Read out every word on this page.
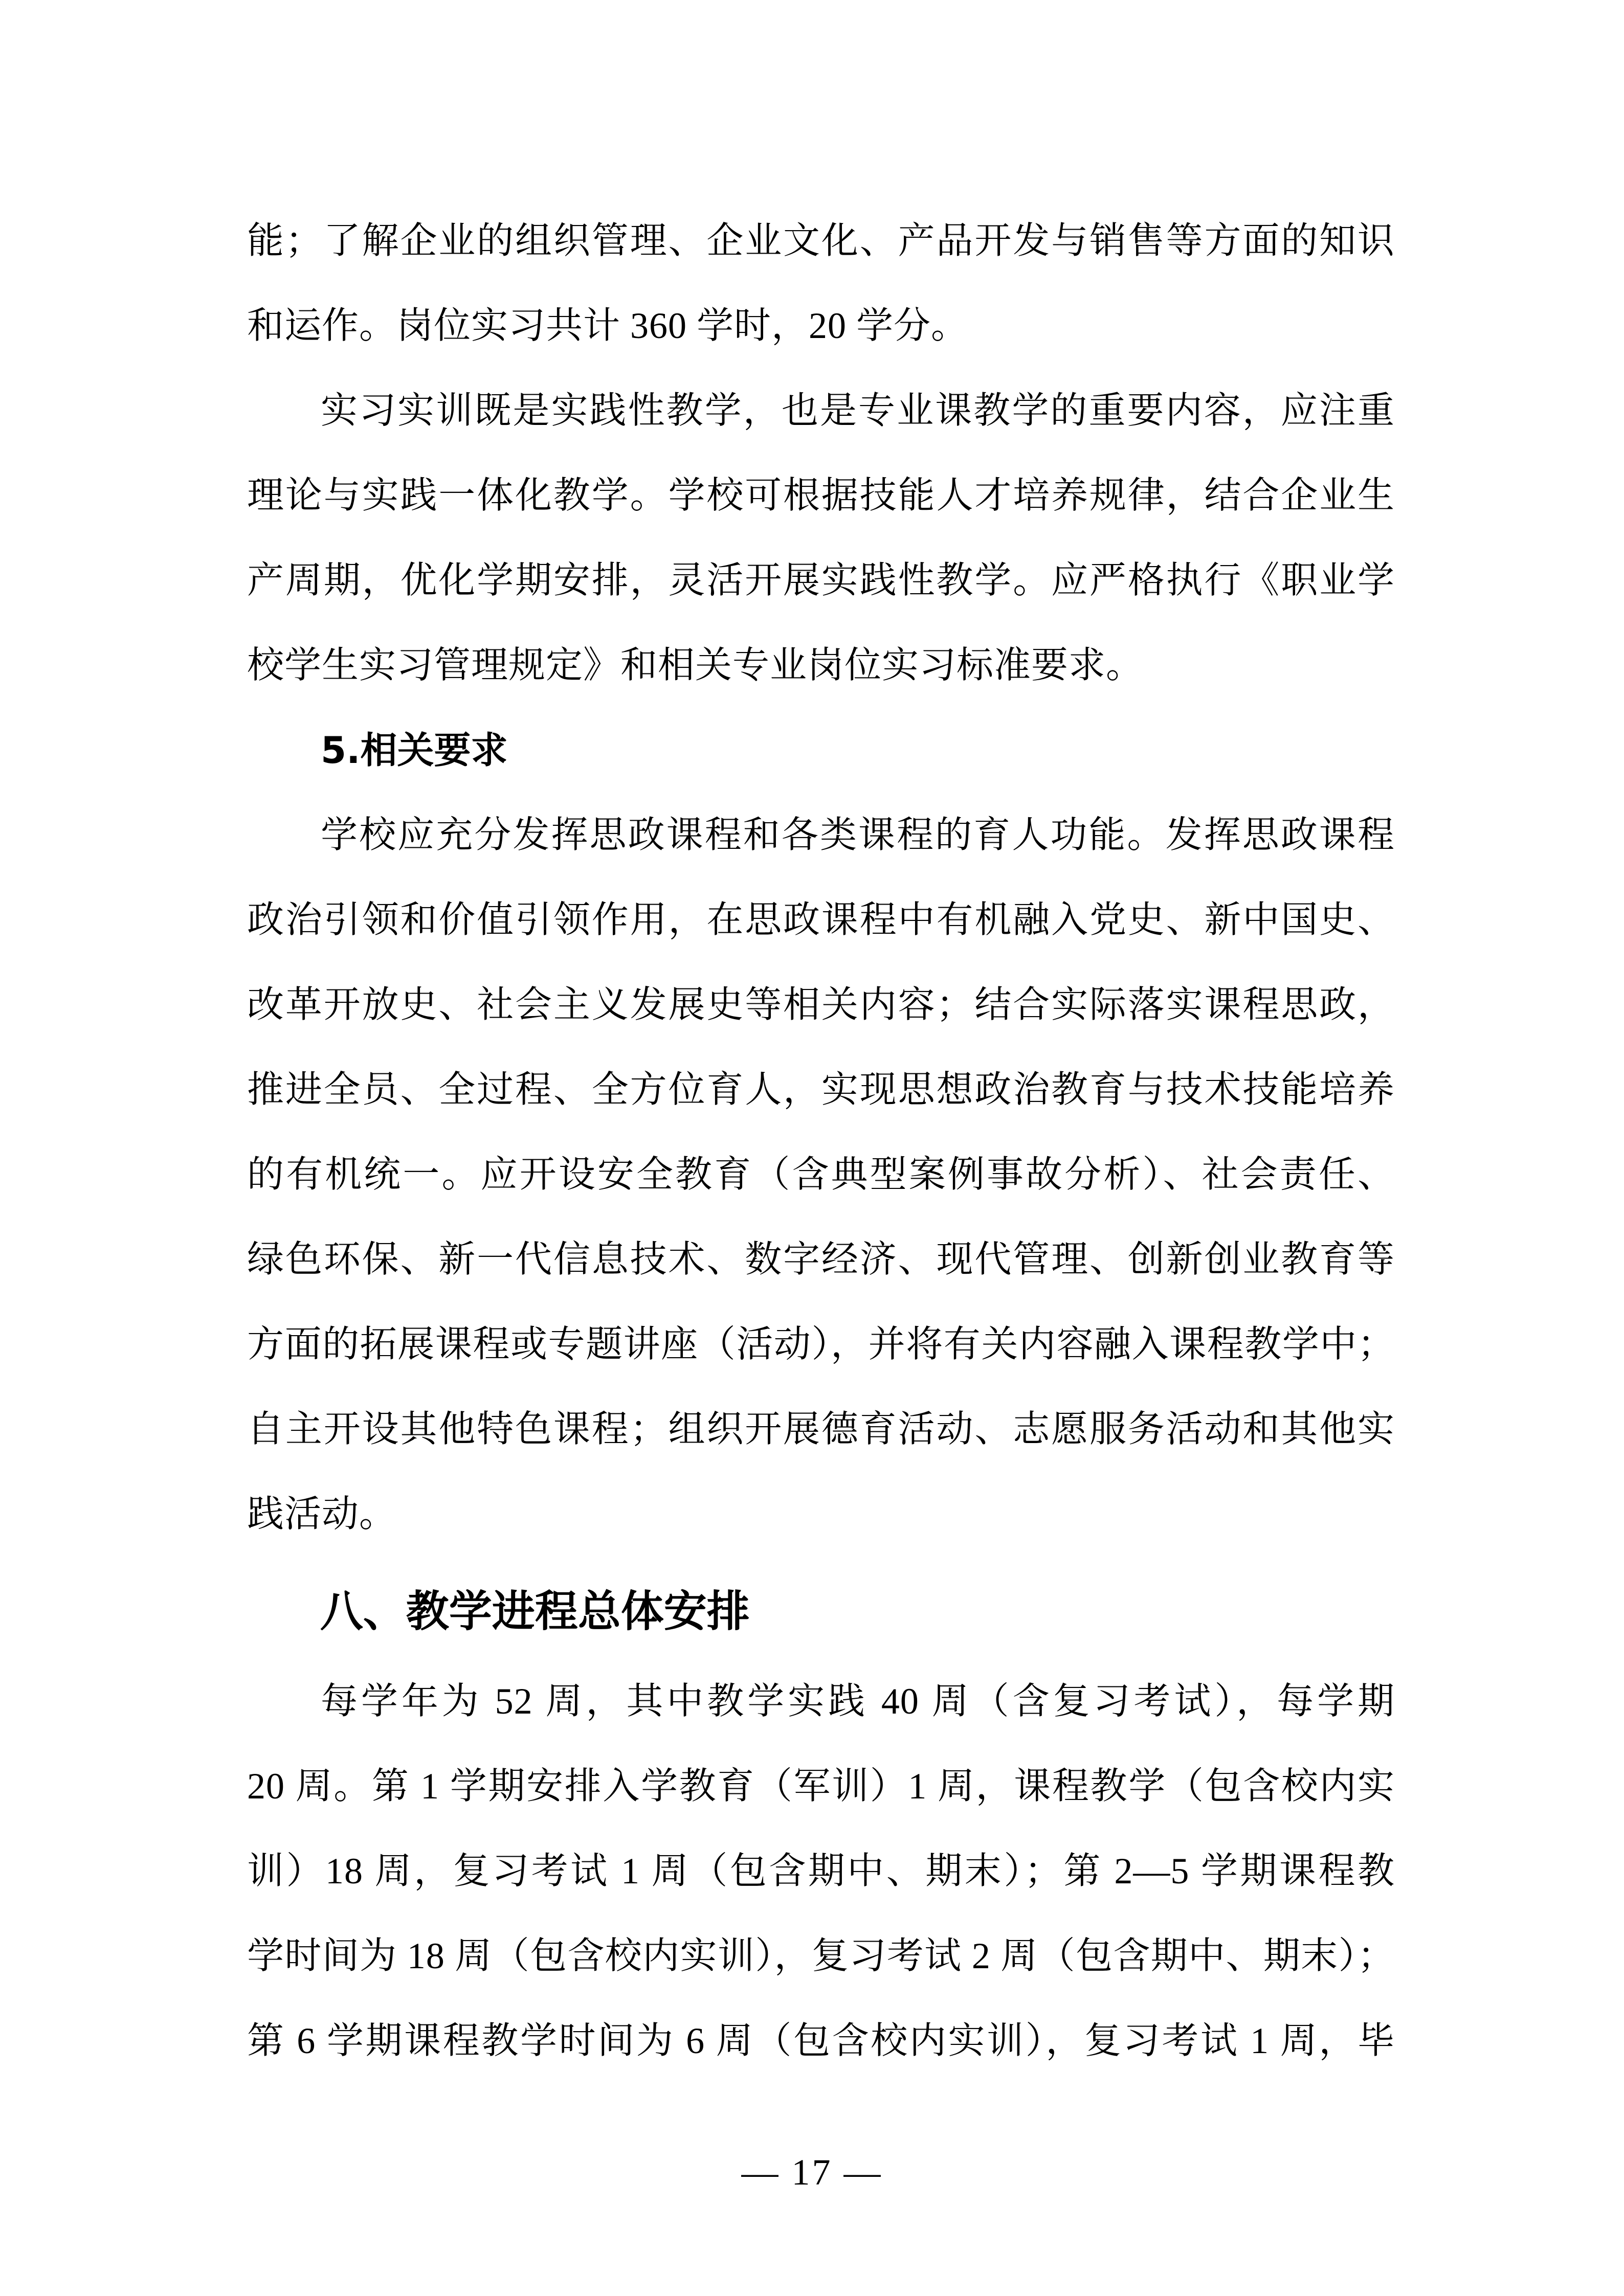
能；了解企业的组织管理、企业文化、产品开发与销售等方面的知识
和运作。岗位实习共计 360 学时，20 学分。
实习实训既是实践性教学，也是专业课教学的重要内容，应注重
理论与实践一体化教学。学校可根据技能人才培养规律，结合企业生
产周期，优化学期安排，灵活开展实践性教学。应严格执行《职业学
校学生实习管理规定》和相关专业岗位实习标准要求。
5.相关要求
学校应充分发挥思政课程和各类课程的育人功能。发挥思政课程
政治引领和价值引领作用，在思政课程中有机融入党史、新中国史、
改革开放史、社会主义发展史等相关内容；结合实际落实课程思政，
推进全员、全过程、全方位育人，实现思想政治教育与技术技能培养
的有机统一。应开设安全教育（含典型案例事故分析）、社会责任、
绿色环保、新一代信息技术、数字经济、现代管理、创新创业教育等
方面的拓展课程或专题讲座（活动），并将有关内容融入课程教学中；
自主开设其他特色课程；组织开展德育活动、志愿服务活动和其他实
践活动。
八、教学进程总体安排
每学年为 52 周，其中教学实践 40 周（含复习考试），每学期
20 周。第 1 学期安排入学教育（军训）1 周，课程教学（包含校内实
训）18 周，复习考试 1 周（包含期中、期末）；第 2—5 学期课程教
学时间为 18 周（包含校内实训），复习考试 2 周（包含期中、期末）；
第 6 学期课程教学时间为 6 周（包含校内实训），复习考试 1 周，毕
— 17 —
